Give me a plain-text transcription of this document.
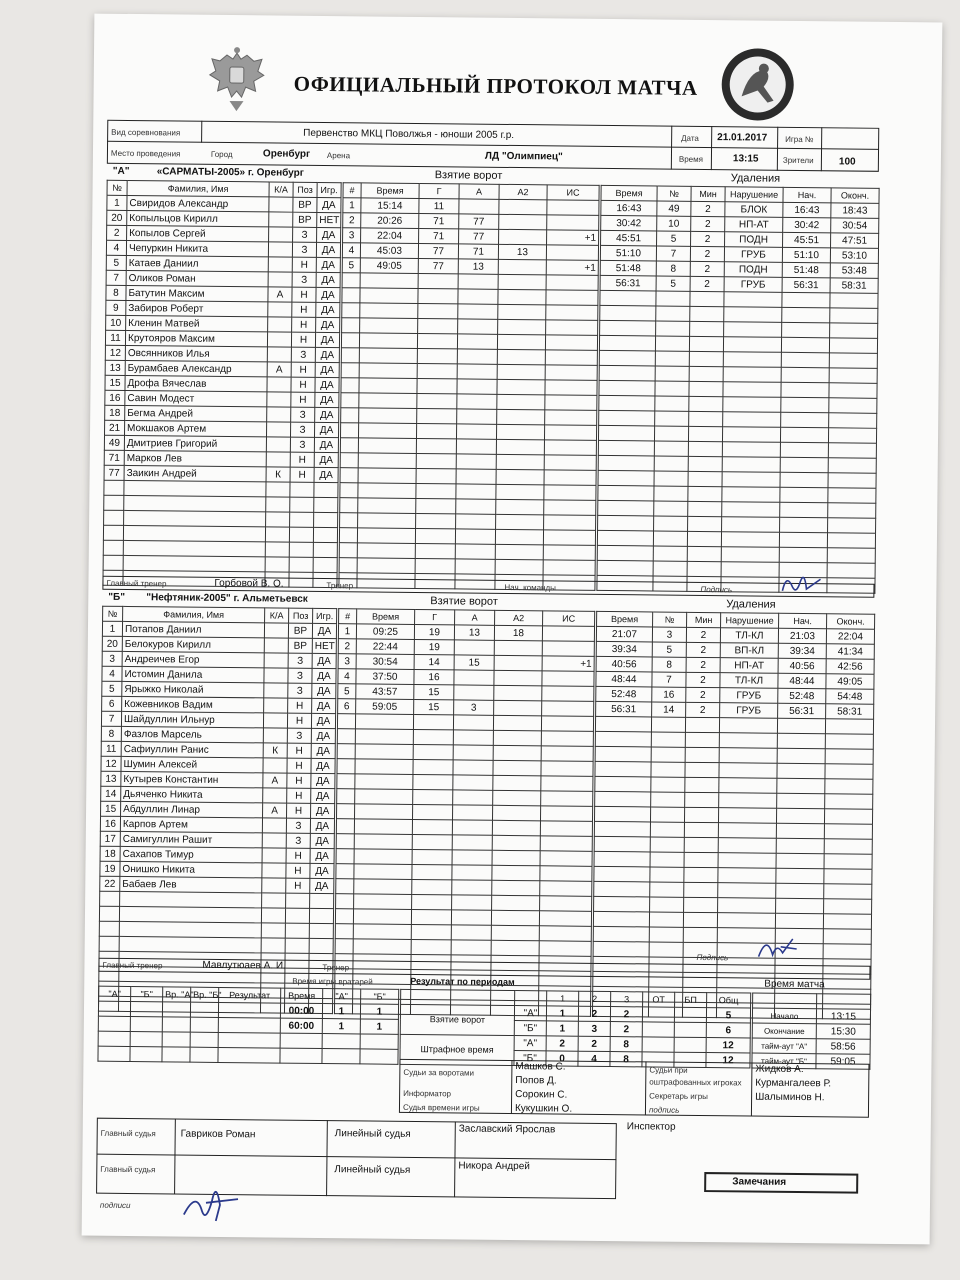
ОФИЦИАЛЬНЫЙ ПРОТОКОЛ МАТЧА
Вид соревнования	Первенство МКЦ Поволжья - юноши 2005 г.р.	Дата 21.01.2017 Игра №
Место проведения	Город	Оренбург Арена	ЛД "Олимпиец"	Время	13:15	Зрители	100
"А"	«САРМАТЫ-2005» г. Оренбург	Взятие ворот	Удаления
№	Фамилия, Имя	К/А	Поз	Игр.
1	Свиридов Александр		ВР	ДА
20	Копыльцов Кирилл		ВР	НЕТ
2	Копылов Сергей		З	ДА
4	Чепуркин Никита		З	ДА
5	Катаев Даниил		Н	ДА
7	Оликов Роман		З	ДА
8	Батутин Максим	А	Н	ДА
9	Забиров Роберт		Н	ДА
10	Кленин Матвей		Н	ДА
11	Крутояров Максим		Н	ДА
12	Овсянников Илья		З	ДА
13	Бурамбаев Александр	А	Н	ДА
15	Дрофа Вячеслав		Н	ДА
16	Савин Модест		Н	ДА
18	Бегма Андрей		З	ДА
21	Мокшаков Артем		З	ДА
49	Дмитриев Григорий		З	ДА
71	Марков Лев		Н	ДА
77	Заикин Андрей	К	Н	ДА

#	Время	Г	А	А2	ИС
1	15:14	11			
2	20:26	71	77		
3	22:04	71	77		+1
4	45:03	77	71	13	
5	49:05	77	13		+1

Время	№	Мин	Нарушение	Нач.	Оконч.
16:43	49	2	БЛОК	16:43	18:43
30:42	10	2	НП-АТ	30:42	30:54
45:51	5	2	ПОДН	45:51	47:51
51:10	7	2	ГРУБ	51:10	53:10
51:48	8	2	ПОДН	51:48	53:48
56:31	5	2	ГРУБ	56:31	58:31

Главный тренер	Горбовой В. О.	Тренер	Нач. команды	Подпись
"Б" "Нефтяник-2005" г. Альметьевск	Взятие ворот	Удаления
№	Фамилия, Имя	К/А	Поз	Игр.
1	Потапов Даниил		ВР	ДА
20	Белокуров Кирилл		ВР	НЕТ
3	Андреичев Егор		З	ДА
4	Истомин Данила		З	ДА
5	Ярыжко Николай		З	ДА
6	Кожевников Вадим		Н	ДА
7	Шайдуллин Ильнур		Н	ДА
8	Фазлов Марсель		З	ДА
11	Сафиуллин Ранис	К	Н	ДА
12	Шумин Алексей		Н	ДА
13	Кутырев Константин	А	Н	ДА
14	Дьяченко Никита		Н	ДА
15	Абдуллин Линар	А	Н	ДА
16	Карпов Артем		З	ДА
17	Самигуллин Рашит		З	ДА
18	Сахапов Тимур		Н	ДА
19	Онишко Никита		Н	ДА
22	Бабаев Лев		Н	ДА

#	Время	Г	А	А2	ИС
1	09:25	19	13	18	
2	22:44	19			
3	30:54	14	15		+1
4	37:50	16			
5	43:57	15			
6	59:05	15	3		

Время	№	Мин	Нарушение	Нач.	Оконч.
21:07	3	2	ТЛ-КЛ	21:03	22:04
39:34	5	2	ВП-КЛ	39:34	41:34
40:56	8	2	НП-АТ	40:56	42:56
48:44	7	2	ТЛ-КЛ	48:44	49:05
52:48	16	2	ГРУБ	52:48	54:48
56:31	14	2	ГРУБ	56:31	58:31

Подпись
Главный тренер	Мавлутюаев А. И.	Тренер
Время игры вратарей	Результат по периодам	Время матча
"А"	"Б"	Вр. "А"	Вр. "Б"	Результат	Время	"А"	"Б"
					00:00	1	1
					60:00	1	1

		1	2	3	ОТ	БП	Общ
Взятие ворот	"А"	1	2	2			5
	"Б"	1	3	2			6
Штрафное время	"А"	2	2	8			12
	"Б"	0	4	8			12

Начало	13:15
Окончание	15:30
тайм-аут "А"	58:56
тайм-аут "Б"	59:05
Судьи за воротами
Машков С.
Попов Д.
Информатор	Сорокин С.
Судья времени игры	Кукушкин О.
Судьи при оштрафованных игроках
Жидков А.
Курмангалеев Р.
Секретарь игры	Шалыминов Н.
подпись
Главный судья Гавриков Роман
Главный судья
Линейный судья	Заславский Ярослав
Линейный судья	Никора Андрей
подписи
Инспектор
Замечания
